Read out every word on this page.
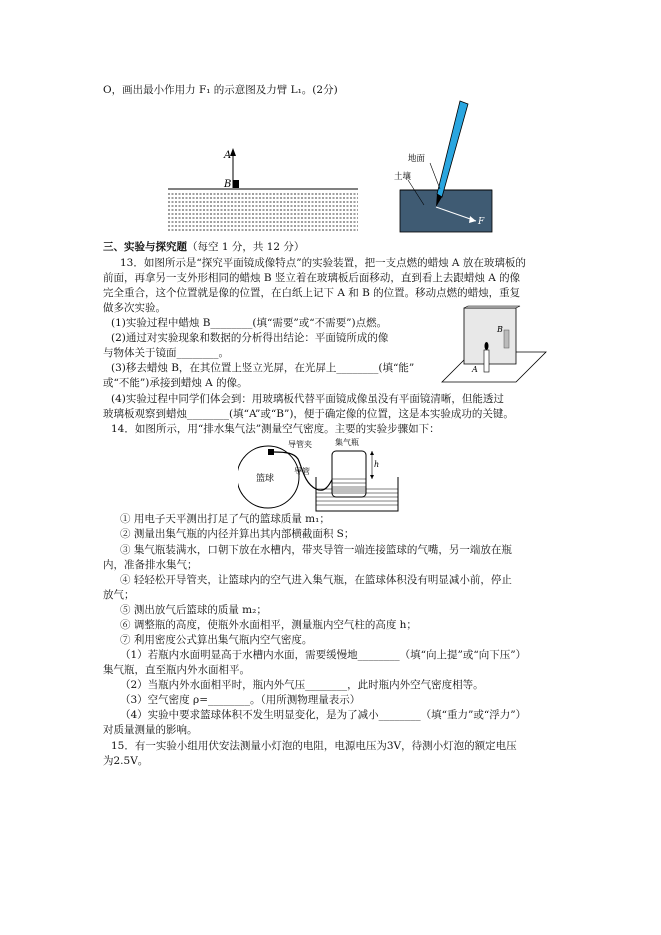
O，画出最小作用力 F₁ 的示意图及力臂 L₁。(2分)
A
B
地面
土壤
F
三、实验与探究题（每空 1 分，共 12 分）
13．如图所示是“探究平面镜成像特点”的实验装置，把一支点燃的蜡烛 A 放在玻璃板的
前面，再拿另一支外形相同的蜡烛 B 竖立着在玻璃板后面移动，直到看上去跟蜡烛 A 的像
完全重合，这个位置就是像的位置，在白纸上记下 A 和 B 的位置。移动点燃的蜡烛，重复
做多次实验。
(1)实验过程中蜡烛 B________(填“需要”或“不需要”)点燃。
(2)通过对实验现象和数据的分析得出结论：平面镜所成的像
与物体关于镜面________。
(3)移去蜡烛 B，在其位置上竖立光屏，在光屏上________(填“能”
或“不能”)承接到蜡烛 A 的像。
(4)实验过程中同学们体会到：用玻璃板代替平面镜成像虽没有平面镜清晰，但能透过
玻璃板观察到蜡烛________(填“A”或“B”)，便于确定像的位置，这是本实验成功的关键。
B
A
14．如图所示，用“排水集气法”测量空气密度。主要的实验步骤如下：
篮球
导管夹
导管
集气瓶
h
① 用电子天平测出打足了气的篮球质量 m₁；
② 测量出集气瓶的内径并算出其内部横截面积 S；
③ 集气瓶装满水，口朝下放在水槽内，带夹导管一端连接篮球的气嘴，另一端放在瓶
内，准备排水集气；
④ 轻轻松开导管夹，让篮球内的空气进入集气瓶，在篮球体积没有明显减小前，停止
放气；
⑤ 测出放气后篮球的质量 m₂；
⑥ 调整瓶的高度，使瓶外水面相平，测量瓶内空气柱的高度 h；
⑦ 利用密度公式算出集气瓶内空气密度。
（1）若瓶内水面明显高于水槽内水面，需要缓慢地________（填“向上提”或“向下压”）
集气瓶，直至瓶内外水面相平。
（2）当瓶内外水面相平时，瓶内外气压________，此时瓶内外空气密度相等。
（3）空气密度 ρ=________。（用所测物理量表示）
（4）实验中要求篮球体积不发生明显变化，是为了减小________（填“重力”或“浮力”）
对质量测量的影响。
15．有一实验小组用伏安法测量小灯泡的电阻，电源电压为3V，待测小灯泡的额定电压
为2.5V。
